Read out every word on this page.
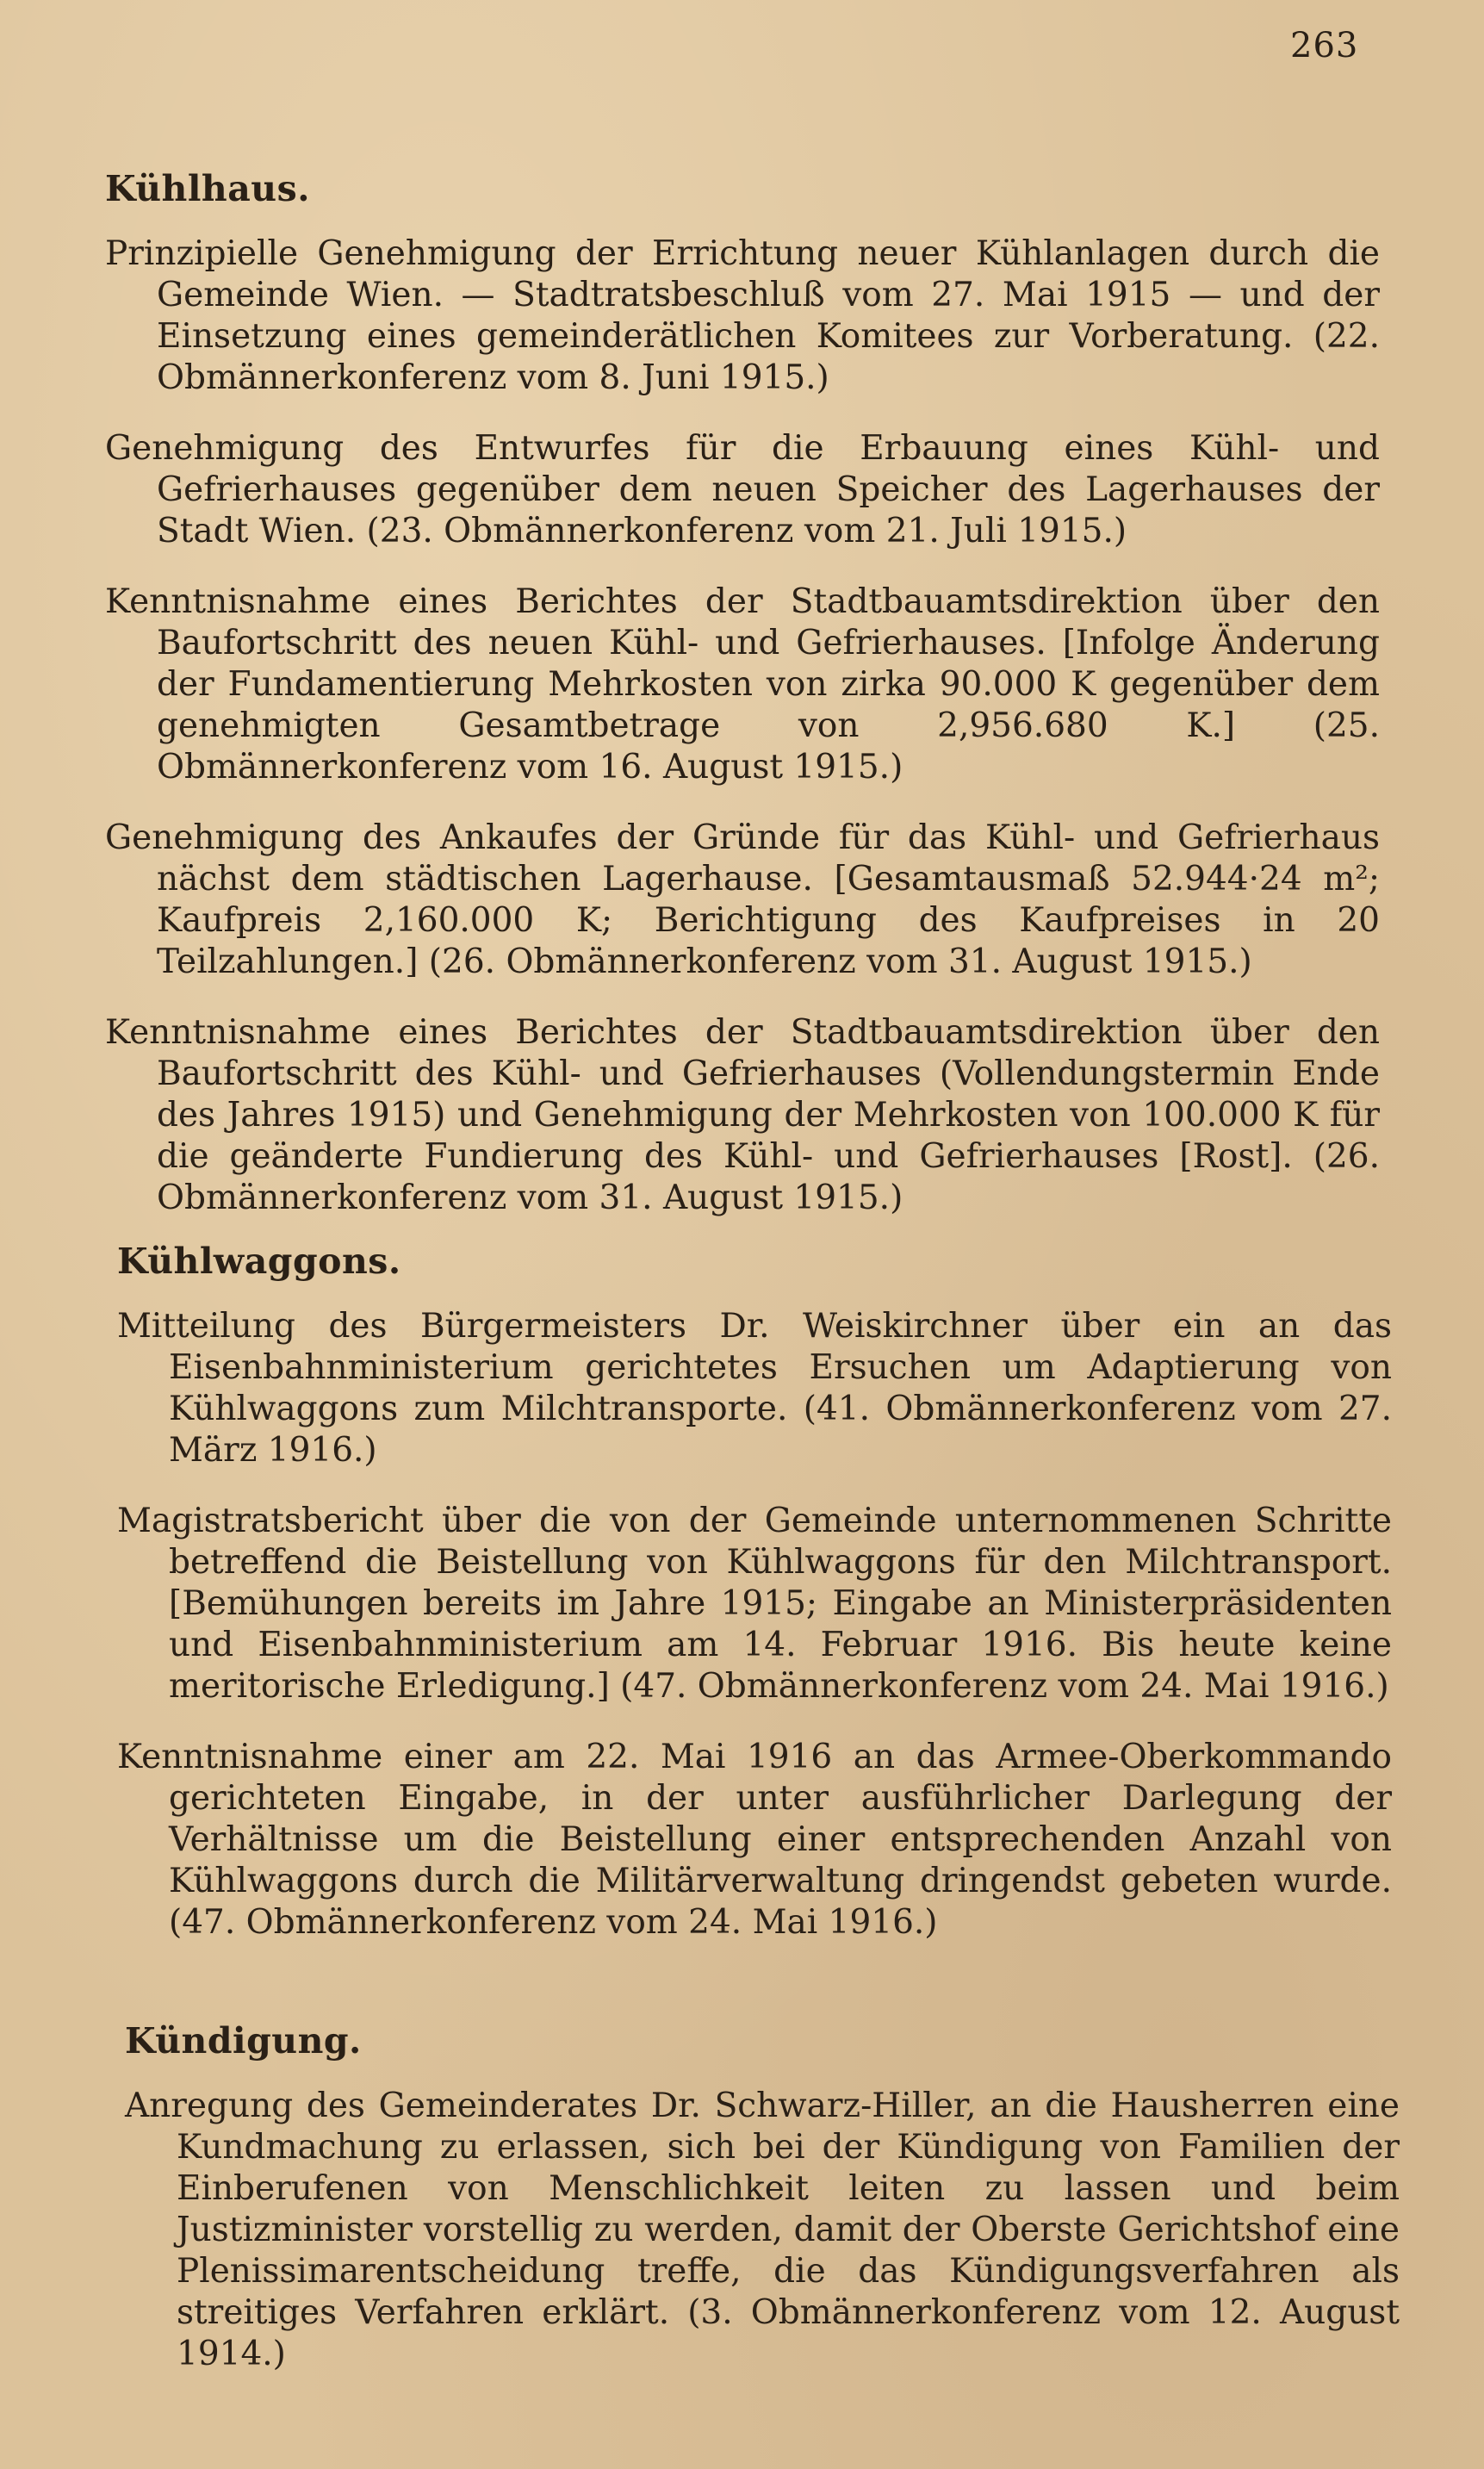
263
Kühlhaus.

Prinzipielle Genehmigung der Errichtung neuer Kühlanlagen durch die Gemeinde Wien. — Stadtratsbeschluß vom 27. Mai 1915 — und der Einsetzung eines gemeinderätlichen Komitees zur Vorberatung. (22. Obmännerkonferenz vom 8. Juni 1915.)

Genehmigung des Entwurfes für die Erbauung eines Kühl- und Gefrierhauses gegenüber dem neuen Speicher des Lagerhauses der Stadt Wien. (23. Obmännerkonferenz vom 21. Juli 1915.)

Kenntnisnahme eines Berichtes der Stadtbauamtsdirektion über den Baufortschritt des neuen Kühl- und Gefrierhauses. [Infolge Änderung der Fundamentierung Mehrkosten von zirka 90.000 K gegenüber dem genehmigten Gesamtbetrage von 2,956.680 K.] (25. Obmännerkonferenz vom 16. August 1915.)

Genehmigung des Ankaufes der Gründe für das Kühl- und Gefrierhaus nächst dem städtischen Lagerhause. [Gesamtausmaß 52.944·24 m²; Kaufpreis 2,160.000 K; Berichtigung des Kaufpreises in 20 Teilzahlungen.] (26. Obmännerkonferenz vom 31. August 1915.)

Kenntnisnahme eines Berichtes der Stadtbauamtsdirektion über den Baufortschritt des Kühl- und Gefrierhauses (Vollendungstermin Ende des Jahres 1915) und Genehmigung der Mehrkosten von 100.000 K für die geänderte Fundierung des Kühl- und Gefrierhauses [Rost]. (26. Obmännerkonferenz vom 31. August 1915.)

Kühlwaggons.

Mitteilung des Bürgermeisters Dr. Weiskirchner über ein an das Eisenbahnministerium gerichtetes Ersuchen um Adaptierung von Kühlwaggons zum Milchtransporte. (41. Obmännerkonferenz vom 27. März 1916.)

Magistratsbericht über die von der Gemeinde unternommenen Schritte betreffend die Beistellung von Kühlwaggons für den Milchtransport. [Bemühungen bereits im Jahre 1915; Eingabe an Ministerpräsidenten und Eisenbahnministerium am 14. Februar 1916. Bis heute keine meritorische Erledigung.] (47. Obmännerkonferenz vom 24. Mai 1916.)

Kenntnisnahme einer am 22. Mai 1916 an das Armee-Oberkommando gerichteten Eingabe, in der unter ausführlicher Darlegung der Verhältnisse um die Beistellung einer entsprechenden Anzahl von Kühlwaggons durch die Militärverwaltung dringendst gebeten wurde. (47. Obmännerkonferenz vom 24. Mai 1916.)

Kündigung.

Anregung des Gemeinderates Dr. Schwarz-Hiller, an die Hausherren eine Kundmachung zu erlassen, sich bei der Kündigung von Familien der Einberufenen von Menschlichkeit leiten zu lassen und beim Justizminister vorstellig zu werden, damit der Oberste Gerichtshof eine Plenissimarentscheidung treffe, die das Kündigungsverfahren als streitiges Verfahren erklärt. (3. Obmännerkonferenz vom 12. August 1914.)
